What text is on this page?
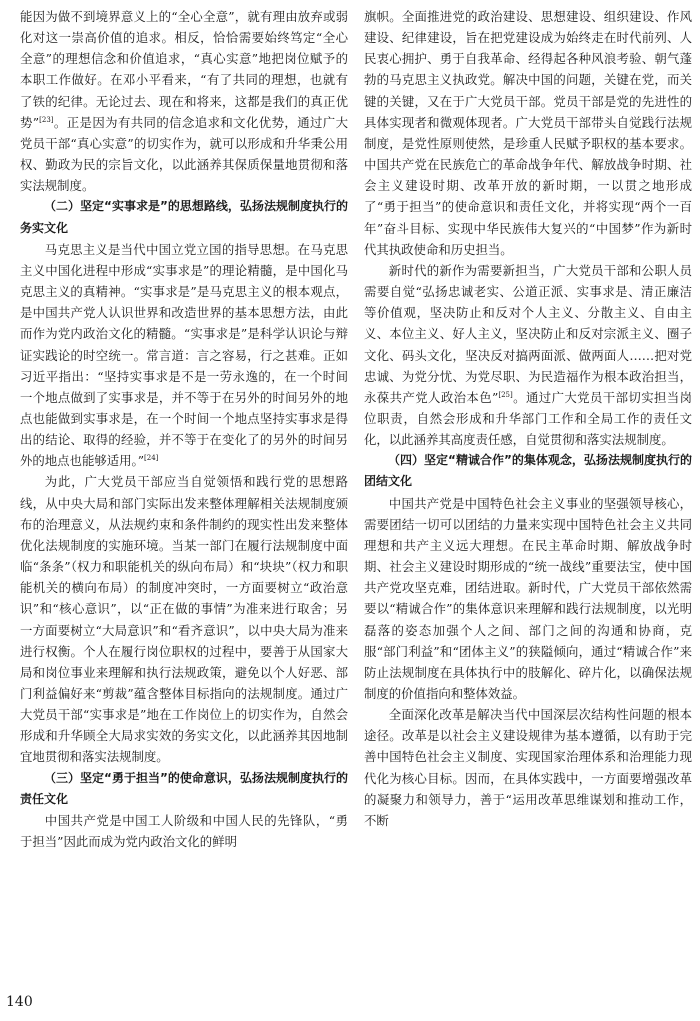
能因为做不到境界意义上的“全心全意”，就有理由放弃或弱化对这一崇高价值的追求。相反，恰恰需要始终笃定“全心全意”的理想信念和价值追求，“真心实意”地把岗位赋予的本职工作做好。在邓小平看来，“有了共同的理想，也就有了铁的纪律。无论过去、现在和将来，这都是我们的真正优势”[23]。正是因为有共同的信念追求和文化优势，通过广大党员干部“真心实意”的切实作为，就可以形成和升华秉公用权、勤政为民的宗旨文化，以此涵养其保质保量地贯彻和落实法规制度。

（二）坚定“实事求是”的思想路线，弘扬法规制度执行的务实文化

马克思主义是当代中国立党立国的指导思想。在马克思主义中国化进程中形成“实事求是”的理论精髓，是中国化马克思主义的真精神。“实事求是”是马克思主义的根本观点，是中国共产党人认识世界和改造世界的基本思想方法，由此而作为党内政治文化的精髓。“实事求是”是科学认识论与辩证实践论的时空统一。常言道：言之容易，行之甚难。正如习近平指出：“坚持实事求是不是一劳永逸的，在一个时间一个地点做到了实事求是，并不等于在另外的时间另外的地点也能做到实事求是，在一个时间一个地点坚持实事求是得出的结论、取得的经验，并不等于在变化了的另外的时间另外的地点也能够适用。”[24]

为此，广大党员干部应当自觉领悟和践行党的思想路线，从中央大局和部门实际出发来整体理解相关法规制度颁布的治理意义，从法规约束和条件制约的现实性出发来整体优化法规制度的实施环境。当某一部门在履行法规制度中面临“条条”（权力和职能机关的纵向布局）和“块块”（权力和职能机关的横向布局）的制度冲突时，一方面要树立“政治意识”和“核心意识”，以“正在做的事情”为准来进行取舍；另一方面要树立“大局意识”和“看齐意识”，以中央大局为准来进行权衡。个人在履行岗位职权的过程中，要善于从国家大局和岗位事业来理解和执行法规政策，避免以个人好恶、部门利益偏好来“剪裁”蕴含整体目标指向的法规制度。通过广大党员干部“实事求是”地在工作岗位上的切实作为，自然会形成和升华顾全大局求实效的务实文化，以此涵养其因地制宜地贯彻和落实法规制度。

（三）坚定“勇于担当”的使命意识，弘扬法规制度执行的责任文化

中国共产党是中国工人阶级和中国人民的先锋队，“勇于担当”因此而成为党内政治文化的鲜明

旗帜。全面推进党的政治建设、思想建设、组织建设、作风建设、纪律建设，旨在把党建设成为始终走在时代前列、人民衷心拥护、勇于自我革命、经得起各种风浪考验、朝气蓬勃的马克思主义执政党。解决中国的问题，关键在党，而关键的关键，又在于广大党员干部。党员干部是党的先进性的具体实现者和微观体现者。广大党员干部带头自觉践行法规制度，是党性原则使然，是珍重人民赋予职权的基本要求。中国共产党在民族危亡的革命战争年代、解放战争时期、社会主义建设时期、改革开放的新时期，一以贯之地形成了“勇于担当”的使命意识和责任文化，并将实现“两个一百年”奋斗目标、实现中华民族伟大复兴的“中国梦”作为新时代其执政使命和历史担当。

新时代的新作为需要新担当，广大党员干部和公职人员需要自觉“弘扬忠诚老实、公道正派、实事求是、清正廉洁等价值观，坚决防止和反对个人主义、分散主义、自由主义、本位主义、好人主义，坚决防止和反对宗派主义、圈子文化、码头文化，坚决反对搞两面派、做两面人……把对党忠诚、为党分忧、为党尽职、为民造福作为根本政治担当，永葆共产党人政治本色”[25]。通过广大党员干部切实担当岗位职责，自然会形成和升华部门工作和全局工作的责任文化，以此涵养其高度责任感，自觉贯彻和落实法规制度。

（四）坚定“精诚合作”的集体观念，弘扬法规制度执行的团结文化

中国共产党是中国特色社会主义事业的坚强领导核心，需要团结一切可以团结的力量来实现中国特色社会主义共同理想和共产主义远大理想。在民主革命时期、解放战争时期、社会主义建设时期形成的“统一战线”重要法宝，使中国共产党攻坚克难，团结进取。新时代，广大党员干部依然需要以“精诚合作”的集体意识来理解和践行法规制度，以光明磊落的姿态加强个人之间、部门之间的沟通和协商，克服“部门利益”和“团体主义”的狭隘倾向，通过“精诚合作”来防止法规制度在具体执行中的肢解化、碎片化，以确保法规制度的价值指向和整体效益。

全面深化改革是解决当代中国深层次结构性问题的根本途径。改革是以社会主义建设规律为基本遵循，以有助于完善中国特色社会主义制度、实现国家治理体系和治理能力现代化为核心目标。因而，在具体实践中，一方面要增强改革的凝聚力和领导力，善于“运用改革思维谋划和推动工作，不断

140
